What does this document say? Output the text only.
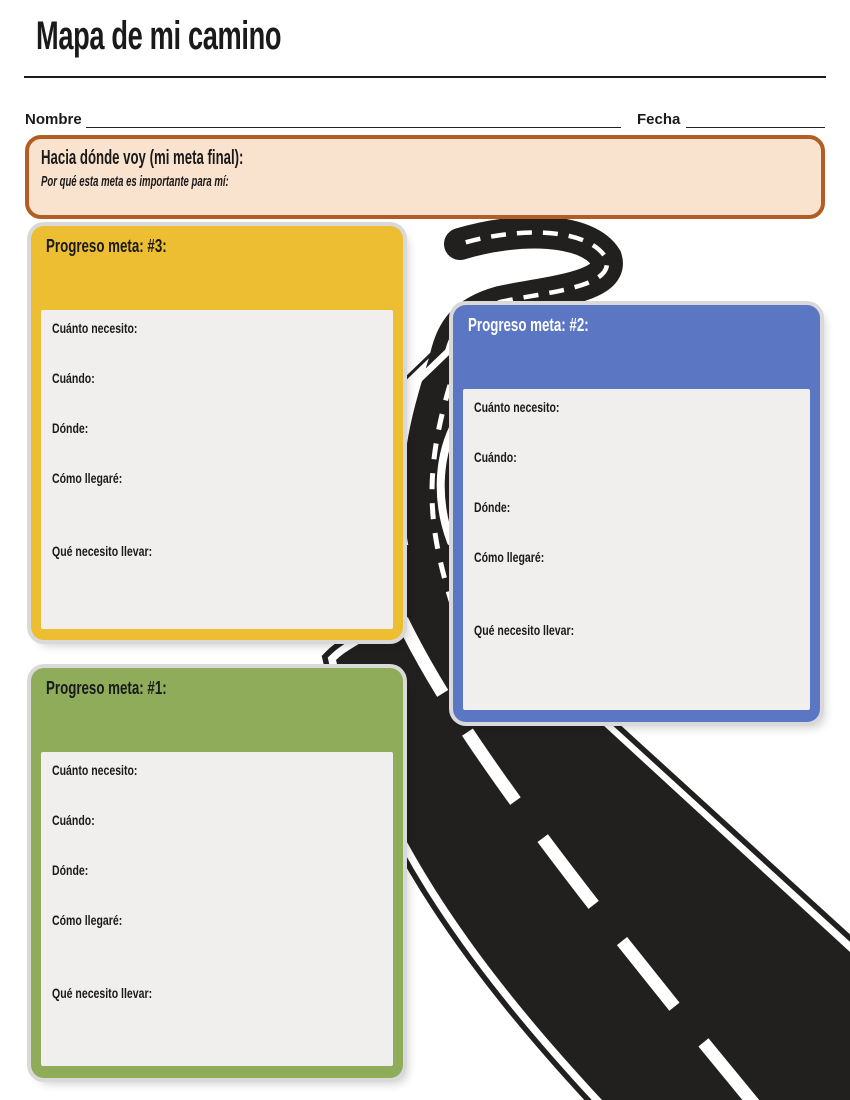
Mapa de mi camino
Nombre	Fecha
Hacia dónde voy (mi meta final):
Por qué esta meta es importante para mí:
Progreso meta: #3:
Cuánto necesito:
Cuándo:
Dónde:
Cómo llegaré:
Qué necesito llevar:
Progreso meta: #2:
Cuánto necesito:
Cuándo:
Dónde:
Cómo llegaré:
Qué necesito llevar:
Progreso meta: #1:
Cuánto necesito:
Cuándo:
Dónde:
Cómo llegaré:
Qué necesito llevar:
